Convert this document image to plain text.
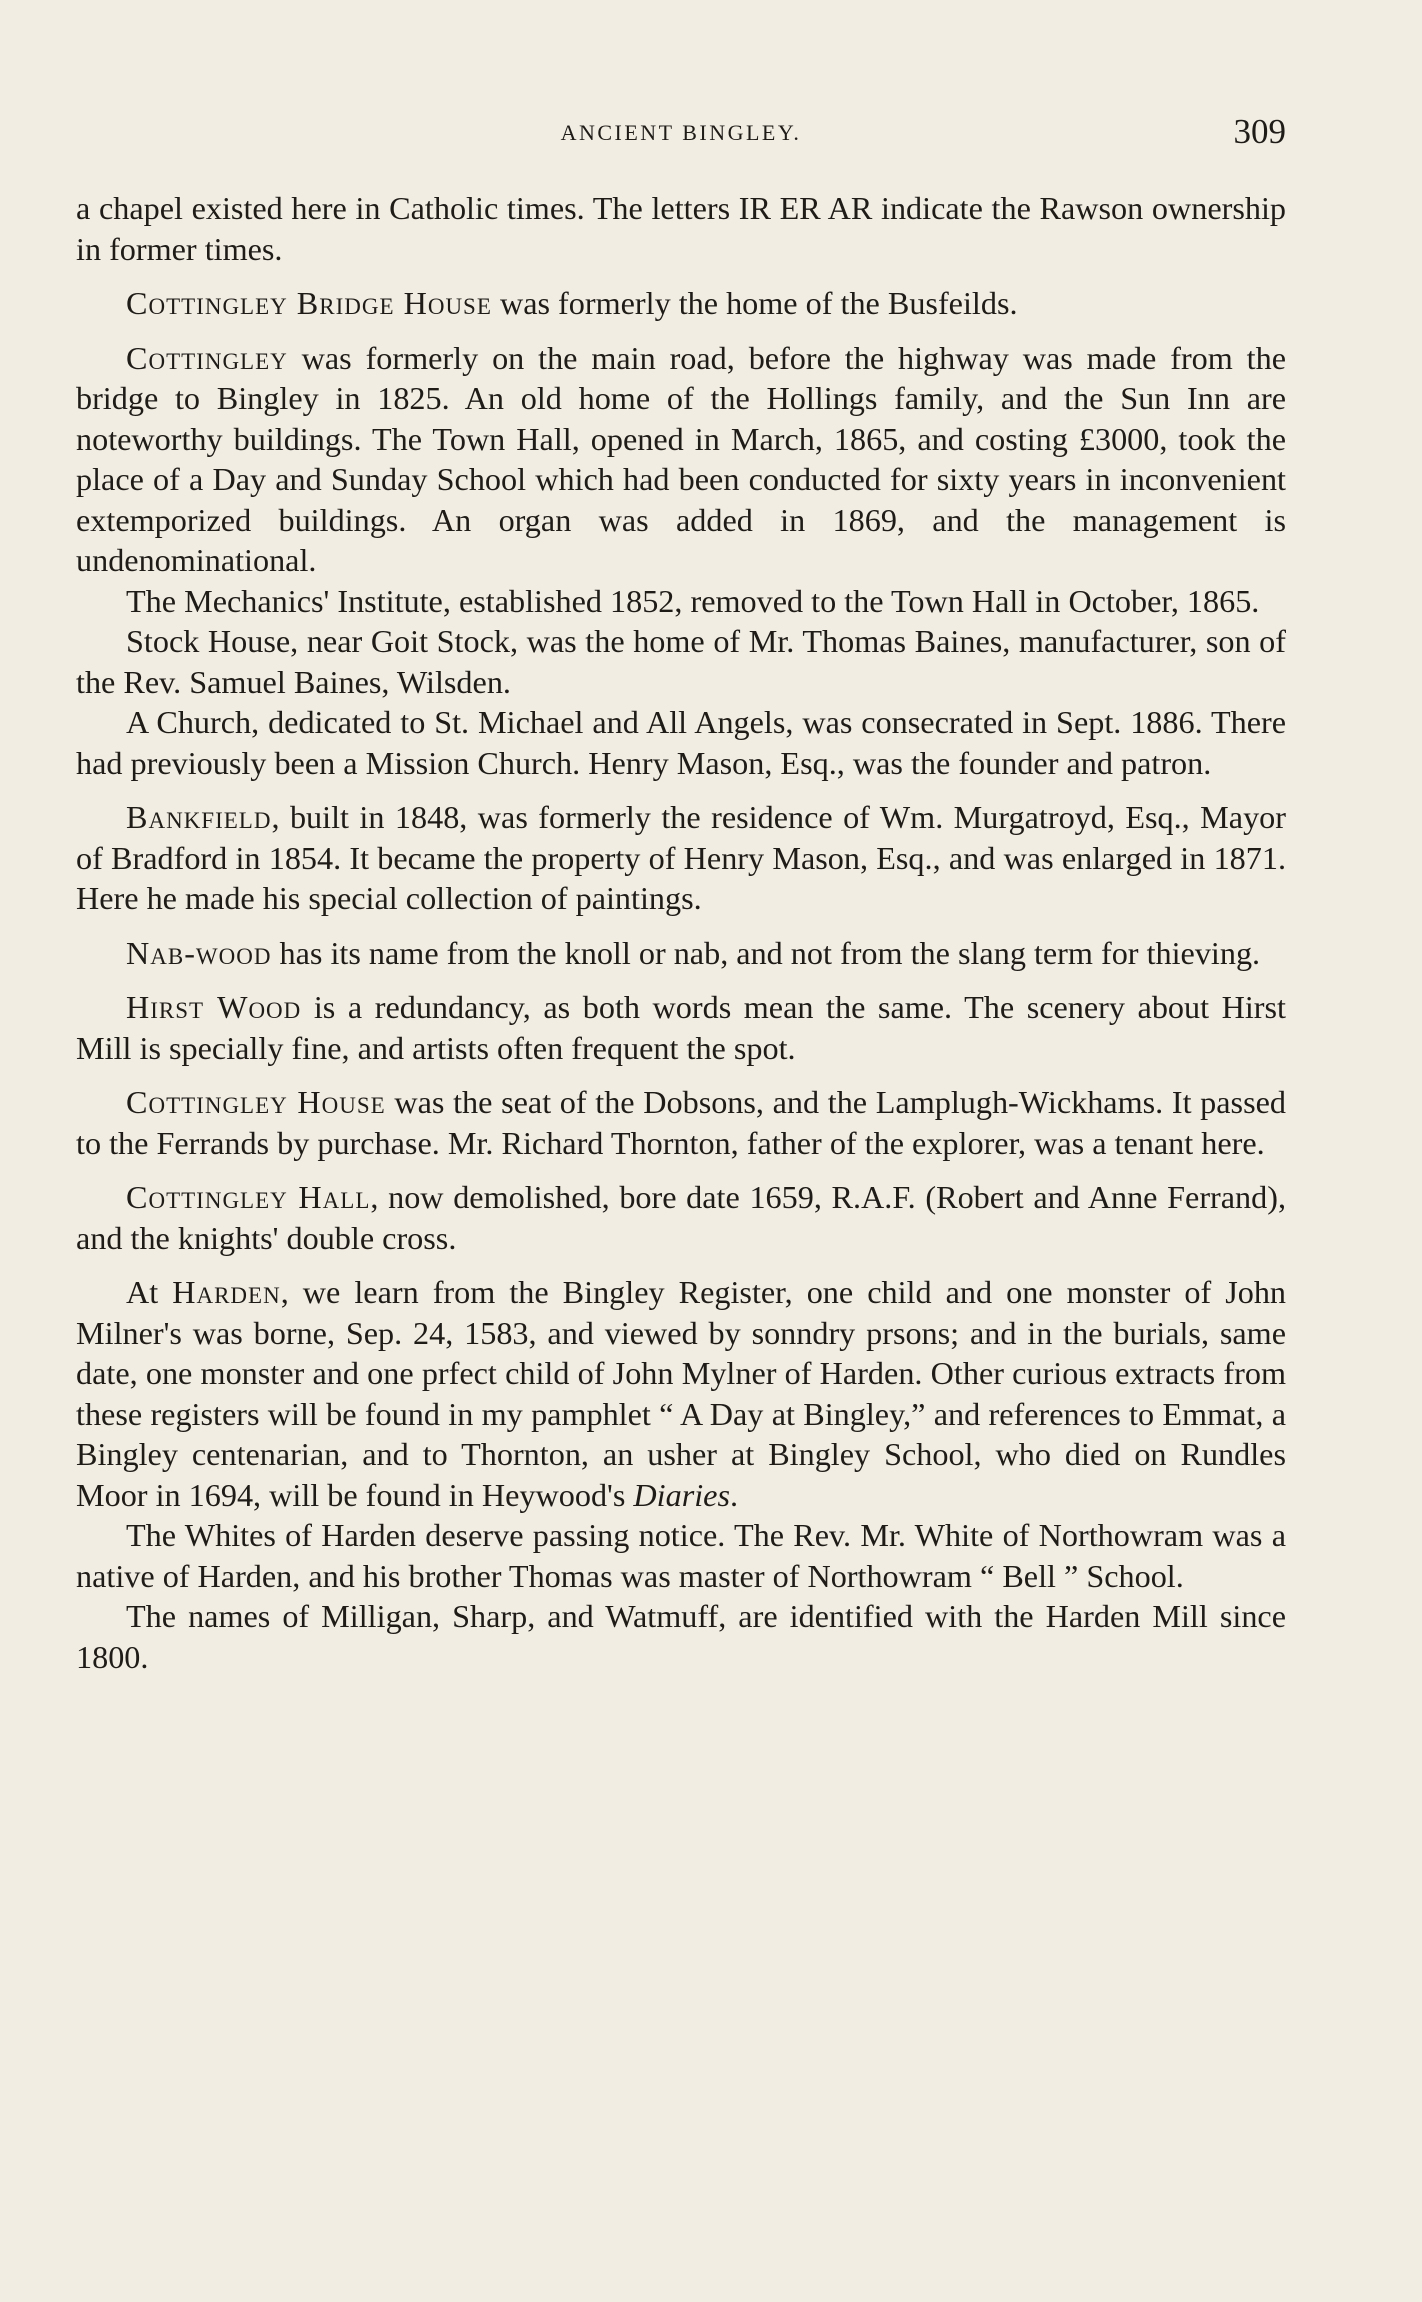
ANCIENT BINGLEY.	309

a chapel existed here in Catholic times. The letters IR ER AR indicate the Rawson ownership in former times.

Cottingley Bridge House was formerly the home of the Busfeilds.

Cottingley was formerly on the main road, before the highway was made from the bridge to Bingley in 1825. An old home of the Hollings family, and the Sun Inn are noteworthy buildings. The Town Hall, opened in March, 1865, and costing £3000, took the place of a Day and Sunday School which had been conducted for sixty years in inconvenient extemporized buildings. An organ was added in 1869, and the management is undenominational.

The Mechanics' Institute, established 1852, removed to the Town Hall in October, 1865.

Stock House, near Goit Stock, was the home of Mr. Thomas Baines, manufacturer, son of the Rev. Samuel Baines, Wilsden.

A Church, dedicated to St. Michael and All Angels, was consecrated in Sept. 1886. There had previously been a Mission Church. Henry Mason, Esq., was the founder and patron.

Bankfield, built in 1848, was formerly the residence of Wm. Murgatroyd, Esq., Mayor of Bradford in 1854. It became the property of Henry Mason, Esq., and was enlarged in 1871. Here he made his special collection of paintings.

Nab-wood has its name from the knoll or nab, and not from the slang term for thieving.

Hirst Wood is a redundancy, as both words mean the same. The scenery about Hirst Mill is specially fine, and artists often frequent the spot.

Cottingley House was the seat of the Dobsons, and the Lamplugh-Wickhams. It passed to the Ferrands by purchase. Mr. Richard Thornton, father of the explorer, was a tenant here.

Cottingley Hall, now demolished, bore date 1659, R.A.F. (Robert and Anne Ferrand), and the knights' double cross.

At Harden, we learn from the Bingley Register, one child and one monster of John Milner's was borne, Sep. 24, 1583, and viewed by sonndry prsons; and in the burials, same date, one monster and one prfect child of John Mylner of Harden. Other curious extracts from these registers will be found in my pamphlet “ A Day at Bingley,” and references to Emmat, a Bingley centenarian, and to Thornton, an usher at Bingley School, who died on Rundles Moor in 1694, will be found in Heywood's Diaries.

The Whites of Harden deserve passing notice. The Rev. Mr. White of Northowram was a native of Harden, and his brother Thomas was master of Northowram “ Bell ” School.

The names of Milligan, Sharp, and Watmuff, are identified with the Harden Mill since 1800.
